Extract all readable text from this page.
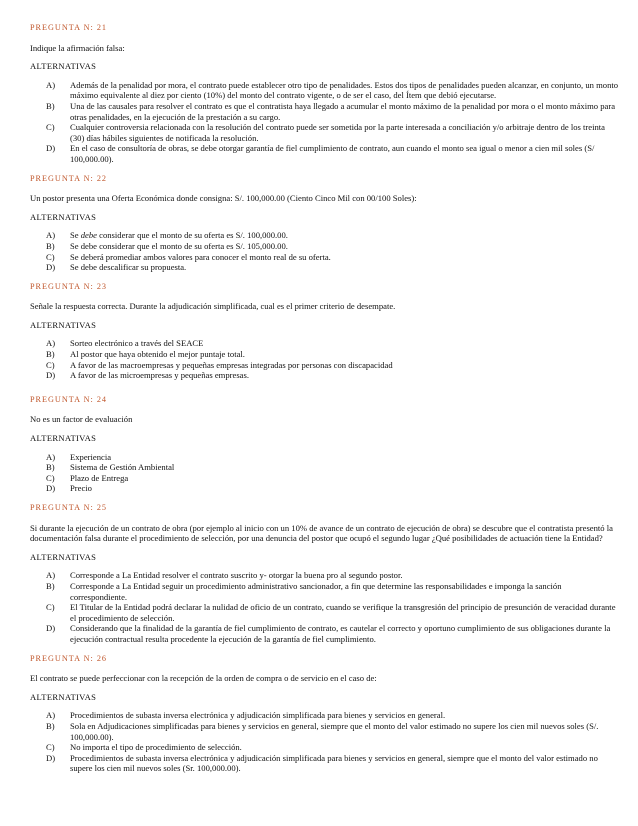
PREGUNTA N: 21

Indique la afirmación falsa:

ALTERNATIVAS

A)	Además de la penalidad por mora, el contrato puede establecer otro tipo de penalidades. Estos dos tipos de penalidades pueden alcanzar, en conjunto, un monto máximo equivalente al diez por ciento (10%) del monto del contrato vigente, o de ser el caso, del Ítem que debió ejecutarse.
B)	Una de las causales para resolver el contrato es que el contratista haya llegado a acumular el monto máximo de la penalidad por mora o el monto máximo para otras penalidades, en la ejecución de la prestación a su cargo.
C)	Cualquier controversia relacionada con la resolución del contrato puede ser sometida por la parte interesada a conciliación y/o arbitraje dentro de los treinta (30) días hábiles siguientes de notificada la resolución.
D)	En el caso de consultoría de obras, se debe otorgar garantía de fiel cumplimiento de contrato, aun cuando el monto sea igual o menor a cien mil soles (S/ 100,000.00).

PREGUNTA N: 22

Un postor presenta una Oferta Económica donde consigna: S/. 100,000.00 (Ciento Cinco Mil con 00/100 Soles):

ALTERNATIVAS

A)	Se debe considerar que el monto de su oferta es S/. 100,000.00.
B)	Se debe considerar que el monto de su oferta es S/. 105,000.00.
C)	Se deberá promediar ambos valores para conocer el monto real de su oferta.
D)	Se debe descalificar su propuesta.

PREGUNTA N: 23

Señale la respuesta correcta. Durante la adjudicación simplificada, cual es el primer criterio de desempate.

ALTERNATIVAS

A)	Sorteo electrónico a través del SEACE
B)	Al postor que haya obtenido el mejor puntaje total.
C)	A favor de las macroempresas y pequeñas empresas integradas por personas con discapacidad
D)	A favor de las microempresas y pequeñas empresas.

PREGUNTA N: 24

No es un factor de evaluación

ALTERNATIVAS

A)	Experiencia
B)	Sistema de Gestión Ambiental
C)	Plazo de Entrega
D)	Precio

PREGUNTA N: 25

Si durante la ejecución de un contrato de obra (por ejemplo al inicio con un 10% de avance de un contrato de ejecución de obra) se descubre que el contratista presentó la documentación falsa durante el procedimiento de selección, por una denuncia del postor que ocupó el segundo lugar ¿Qué posibilidades de actuación tiene la Entidad?

ALTERNATIVAS

A)	Corresponde a La Entidad resolver el contrato suscrito y- otorgar la buena pro al segundo postor.
B)	Corresponde a La Entidad seguir un procedimiento administrativo sancionador, a fin que determine las responsabilidades e imponga la sanción correspondiente.
C)	El Titular de la Entidad podrá declarar la nulidad de oficio de un contrato, cuando se verifique la transgresión del principio de presunción de veracidad durante el procedimiento de selección.
D)	Considerando que la finalidad de la garantía de fiel cumplimiento de contrato, es cautelar el correcto y oportuno cumplimiento de sus obligaciones durante la ejecución contractual resulta procedente la ejecución de la garantía de fiel cumplimiento.

PREGUNTA N: 26

El contrato se puede perfeccionar con la recepción de la orden de compra o de servicio en el caso de:

ALTERNATIVAS

A)	Procedimientos de subasta inversa electrónica y adjudicación simplificada para bienes y servicios en general.
B)	Sola en Adjudicaciones simplificadas para bienes y servicios en general, siempre que el monto del valor estimado no supere los cien mil nuevos soles (S/. 100,000.00).
C)	No importa el tipo de procedimiento de selección.
D)	Procedimientos de subasta inversa electrónica y adjudicación simplificada para bienes y servicios en general, siempre que el monto del valor estimado no supere los cien mil nuevos soles (Sr. 100,000.00).
